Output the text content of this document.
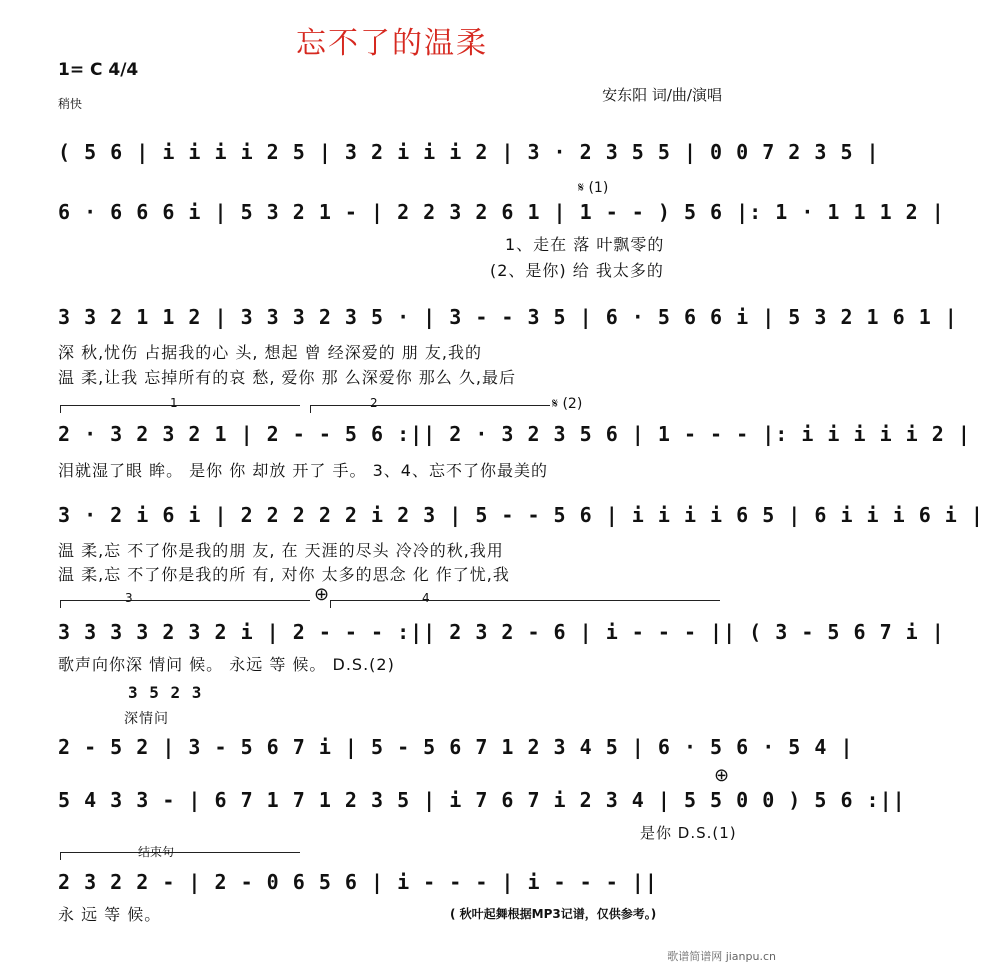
忘不了的温柔
1= C 4/4
稍快	安东阳 词/曲/演唱
( 5 6 | i i i i 2 5 | 3 2 i i i 2 | 3 · 2 3 5 5 | 0 0 7 2 3 5 |
𝄋 (1)
6 · 6 6 6 i | 5 3 2 1 - | 2 2 3 2 6 1 | 1 - - ) 5 6 |: 1 · 1 1 1 2 |
1、走在 落 叶飘零的
(2、是你) 给 我太多的
3 3 2 1 1 2 | 3 3 3 2 3 5 · | 3 - - 3 5 | 6 · 5 6 6 i | 5 3 2 1 6 1 |
深 秋,忧伤 占据我的心 头, 想起 曾 经深爱的 朋 友,我的
温 柔,让我 忘掉所有的哀 愁, 爱你 那 么深爱你 那么 久,最后
1	2	𝄋 (2)
2 · 3 2 3 2 1 | 2 - - 5 6 :|| 2 · 3 2 3 5 6 | 1 - - - |: i i i i i 2 |
泪就湿了眼 眸。 是你 你 却放 开了 手。 3、4、忘不了你最美的
3 · 2 i 6 i | 2 2 2 2 2 i 2 3 | 5 - - 5 6 | i i i i 6 5 | 6 i i i 6 i |
温 柔,忘 不了你是我的朋 友, 在 天涯的尽头 冷冷的秋,我用
温 柔,忘 不了你是我的所 有, 对你 太多的思念 化 作了忧,我
3	⊕	4
3 3 3 3 2 3 2 i | 2 - - - :|| 2 3 2 - 6 | i - - - || ( 3 - 5 6 7 i |
歌声向你深 情问 候。 永远 等 候。 D.S.(2)
3 5 2 3
深情问
2 - 5 2 | 3 - 5 6 7 i | 5 - 5 6 7 1 2 3 4 5 | 6 · 5 6 · 5 4 |
⊕
5 4 3 3 - | 6 7 1 7 1 2 3 5 | i 7 6 7 i 2 3 4 | 5 5 0 0 ) 5 6 :||
是你 D.S.(1)
结束句
2 3 2 2 - | 2 - 0 6 5 6 | i - - - | i - - - ||
永 远 等 候。	( 秋叶起舞根据MP3记谱，仅供参考。)
歌谱简谱网 jianpu.cn
